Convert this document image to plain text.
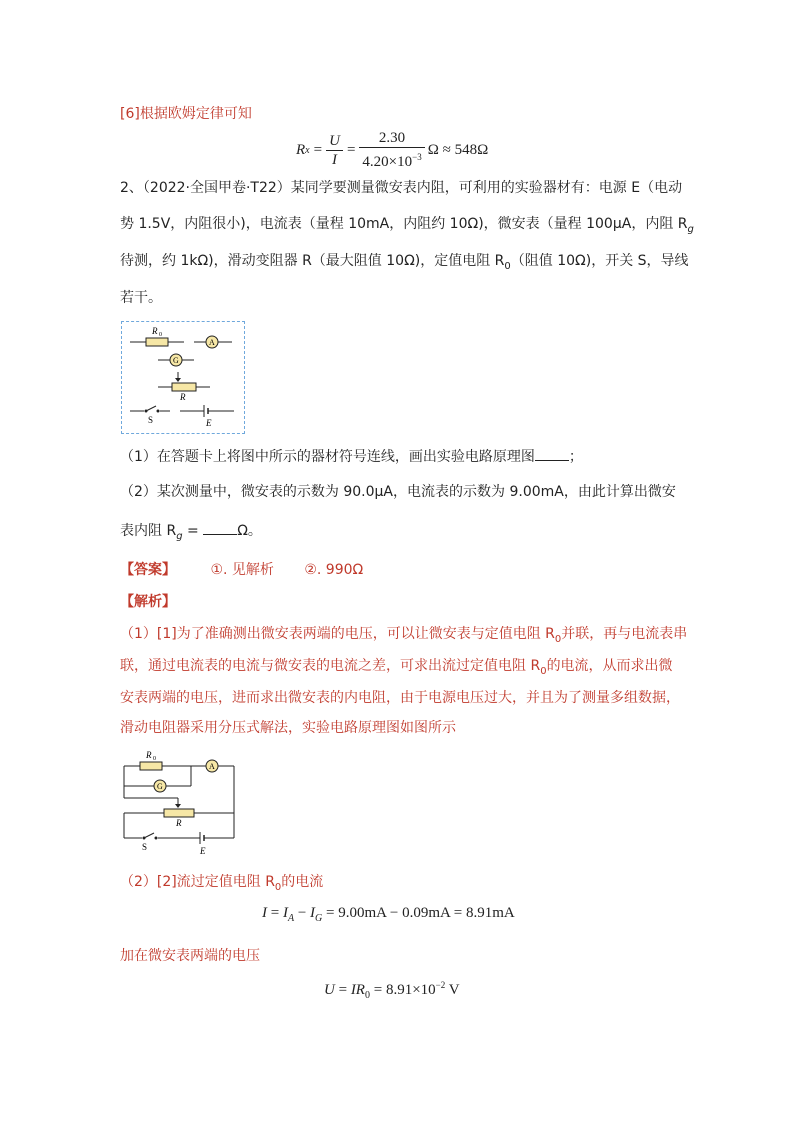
[6]根据欧姆定律可知
R $x = \frac{U}{I} = \frac{2.30}{4.20\times 10^{-3}}$ Ω ≈ 548Ω
2、（2022·全国甲卷·T22）某同学要测量微安表内阻，可利用的实验器材有：电源 E（电动
势 1.5V，内阻很小)，电流表（量程 10mA，内阻约 10Ω)，微安表（量程 100μA，内阻 $R_g$
待测，约 1kΩ)，滑动变阻器 R（最大阻值 10Ω)，定值电阻 $R_0$（阻值 10Ω)，开关 S，导线
若干。
R 0
A
G
R
S	E
（1）在答题卡上将图中所示的器材符号连线，画出实验电路原理图 ；
（2）某次测量中，微安表的示数为 90.0μA，电流表的示数为 9.00mA，由此计算出微安
表内阻 $R_g = \Omega$。
【答案】 ①. 见解析 ②. 990Ω
【解析】
（1）[1]为了准确测出微安表两端的电压，可以让微安表与定值电阻 $R_0$并联，再与电流表串
联，通过电流表的电流与微安表的电流之差，可求出流过定值电阻 $R_0$的电流，从而求出微
安表两端的电压，进而求出微安表的内电阻，由于电源电压过大，并且为了测量多组数据，
滑动电阻器采用分压式解法，实验电路原理图如图所示
R 0
G
A
R
S	E
（2）[2]流过定值电阻 $R_0$的电流
$I = I_A - I_G = 9.00mA - 0.09mA = 8.91mA$
加在微安表两端的电压
$U = IR_0 = 8.91\times 10^{-2}$ V
